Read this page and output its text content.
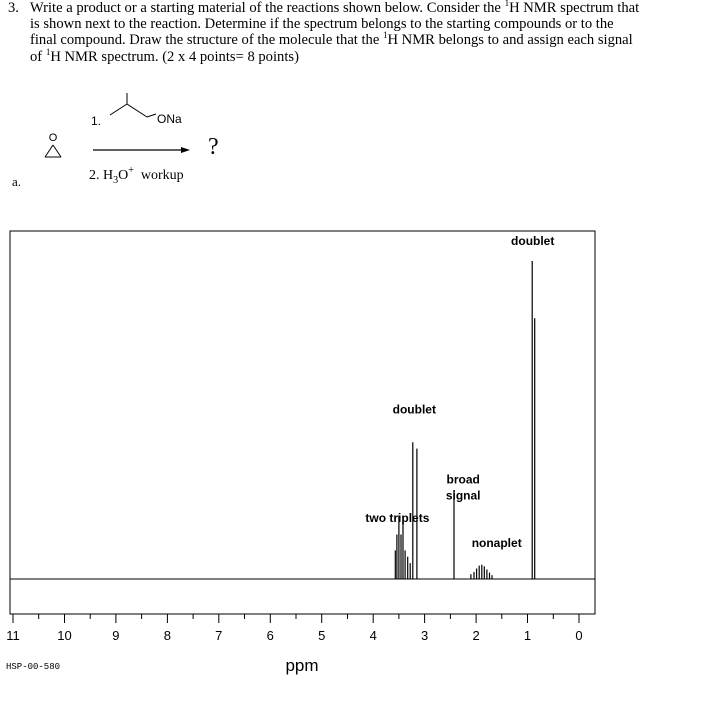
3. Write a product or a starting material of the reactions shown below. Consider the $^1$H NMR spectrum that
is shown next to the reaction. Determine if the spectrum belongs to the starting compounds or to the
final compound. Draw the structure of the molecule that the $^1$H NMR belongs to and assign each signal
of $^1$H NMR spectrum. (2 x 4 points= 8 points)
O
1.	ONa
?
2. $H_3O^+$ workup
a.
doublet
doublet
broad
signal
two triplets
nonaplet
11	10	9	8	7	6	5	4	3	2	1	0
ppm
HSP-00-580
